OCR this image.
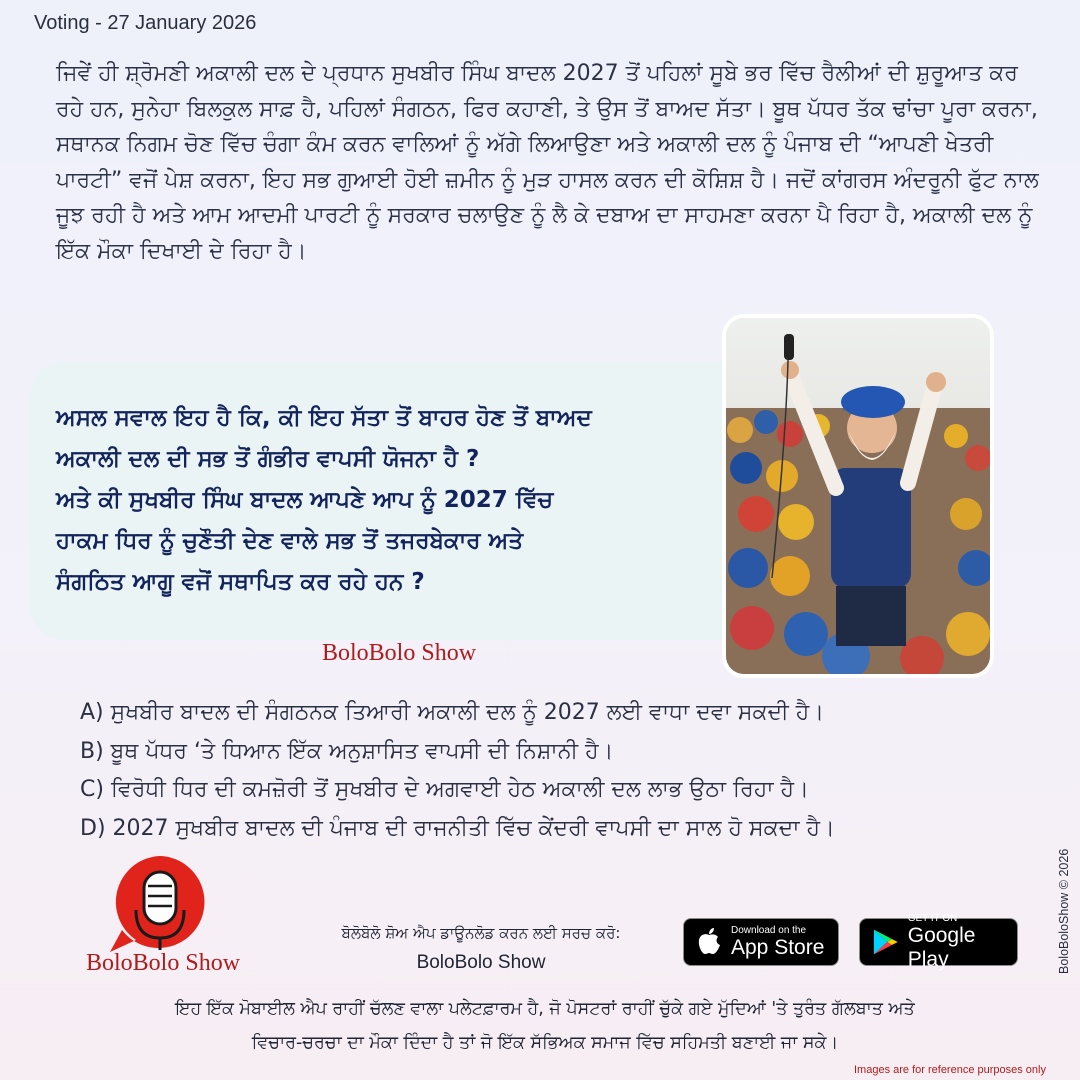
Voting - 27 January 2026

ਜਿਵੇਂ ਹੀ ਸ਼੍ਰੋਮਣੀ ਅਕਾਲੀ ਦਲ ਦੇ ਪ੍ਰਧਾਨ ਸੁਖਬੀਰ ਸਿੰਘ ਬਾਦਲ 2027 ਤੋਂ ਪਹਿਲਾਂ ਸੂਬੇ ਭਰ ਵਿੱਚ ਰੈਲੀਆਂ ਦੀ ਸ਼ੁਰੂਆਤ ਕਰ ਰਹੇ ਹਨ, ਸੁਨੇਹਾ ਬਿਲਕੁਲ ਸਾਫ਼ ਹੈ, ਪਹਿਲਾਂ ਸੰਗਠਨ, ਫਿਰ ਕਹਾਣੀ, ਤੇ ਉਸ ਤੋਂ ਬਾਅਦ ਸੱਤਾ। ਬੂਥ ਪੱਧਰ ਤੱਕ ਢਾਂਚਾ ਪੂਰਾ ਕਰਨਾ, ਸਥਾਨਕ ਨਿਗਮ ਚੋਣ ਵਿੱਚ ਚੰਗਾ ਕੰਮ ਕਰਨ ਵਾਲਿਆਂ ਨੂੰ ਅੱਗੇ ਲਿਆਉਣਾ ਅਤੇ ਅਕਾਲੀ ਦਲ ਨੂੰ ਪੰਜਾਬ ਦੀ “ਆਪਣੀ ਖੇਤਰੀ ਪਾਰਟੀ” ਵਜੋਂ ਪੇਸ਼ ਕਰਨਾ, ਇਹ ਸਭ ਗੁਆਈ ਹੋਈ ਜ਼ਮੀਨ ਨੂੰ ਮੁੜ ਹਾਸਲ ਕਰਨ ਦੀ ਕੋਸ਼ਿਸ਼ ਹੈ। ਜਦੋਂ ਕਾਂਗਰਸ ਅੰਦਰੂਨੀ ਫੁੱਟ ਨਾਲ ਜੂਝ ਰਹੀ ਹੈ ਅਤੇ ਆਮ ਆਦਮੀ ਪਾਰਟੀ ਨੂੰ ਸਰਕਾਰ ਚਲਾਉਣ ਨੂੰ ਲੈ ਕੇ ਦਬਾਅ ਦਾ ਸਾਹਮਣਾ ਕਰਨਾ ਪੈ ਰਿਹਾ ਹੈ, ਅਕਾਲੀ ਦਲ ਨੂੰ ਇੱਕ ਮੌਕਾ ਦਿਖਾਈ ਦੇ ਰਿਹਾ ਹੈ।

ਅਸਲ ਸਵਾਲ ਇਹ ਹੈ ਕਿ, ਕੀ ਇਹ ਸੱਤਾ ਤੋਂ ਬਾਹਰ ਹੋਣ ਤੋਂ ਬਾਅਦ
ਅਕਾਲੀ ਦਲ ਦੀ ਸਭ ਤੋਂ ਗੰਭੀਰ ਵਾਪਸੀ ਯੋਜਨਾ ਹੈ ?
ਅਤੇ ਕੀ ਸੁਖਬੀਰ ਸਿੰਘ ਬਾਦਲ ਆਪਣੇ ਆਪ ਨੂੰ 2027 ਵਿੱਚ
ਹਾਕਮ ਧਿਰ ਨੂੰ ਚੁਣੌਤੀ ਦੇਣ ਵਾਲੇ ਸਭ ਤੋਂ ਤਜਰਬੇਕਾਰ ਅਤੇ
ਸੰਗਠਿਤ ਆਗੂ ਵਜੋਂ ਸਥਾਪਿਤ ਕਰ ਰਹੇ ਹਨ ?

BoloBolo Show
A) ਸੁਖਬੀਰ ਬਾਦਲ ਦੀ ਸੰਗਠਨਕ ਤਿਆਰੀ ਅਕਾਲੀ ਦਲ ਨੂੰ 2027 ਲਈ ਵਾਧਾ ਦਵਾ ਸਕਦੀ ਹੈ।
B) ਬੂਥ ਪੱਧਰ ‘ਤੇ ਧਿਆਨ ਇੱਕ ਅਨੁਸ਼ਾਸਿਤ ਵਾਪਸੀ ਦੀ ਨਿਸ਼ਾਨੀ ਹੈ।
C) ਵਿਰੋਧੀ ਧਿਰ ਦੀ ਕਮਜ਼ੋਰੀ ਤੋਂ ਸੁਖਬੀਰ ਦੇ ਅਗਵਾਈ ਹੇਠ ਅਕਾਲੀ ਦਲ ਲਾਭ ਉਠਾ ਰਿਹਾ ਹੈ।
D) 2027 ਸੁਖਬੀਰ ਬਾਦਲ ਦੀ ਪੰਜਾਬ ਦੀ ਰਾਜਨੀਤੀ ਵਿੱਚ ਕੇਂਦਰੀ ਵਾਪਸੀ ਦਾ ਸਾਲ ਹੋ ਸਕਦਾ ਹੈ।
BoloBolo Show
ਬੋਲੋਬੋਲੋ ਸ਼ੋਅ ਐਪ ਡਾਊਨਲੋਡ ਕਰਨ ਲਈ ਸਰਚ ਕਰੋ:
BoloBolo Show
Download on the
App Store
GET IT ON
Google Play

ਇਹ ਇੱਕ ਮੋਬਾਈਲ ਐਪ ਰਾਹੀਂ ਚੱਲਣ ਵਾਲਾ ਪਲੇਟਫ਼ਾਰਮ ਹੈ, ਜੋ ਪੋਸਟਰਾਂ ਰਾਹੀਂ ਚੁੱਕੇ ਗਏ ਮੁੱਦਿਆਂ 'ਤੇ ਤੁਰੰਤ ਗੱਲਬਾਤ ਅਤੇ
ਵਿਚਾਰ-ਚਰਚਾ ਦਾ ਮੌਕਾ ਦਿੰਦਾ ਹੈ ਤਾਂ ਜੋ ਇੱਕ ਸੱਭਿਅਕ ਸਮਾਜ ਵਿੱਚ ਸਹਿਮਤੀ ਬਣਾਈ ਜਾ ਸਕੇ।

BoloBoloShow © 2026
Images are for reference purposes only
